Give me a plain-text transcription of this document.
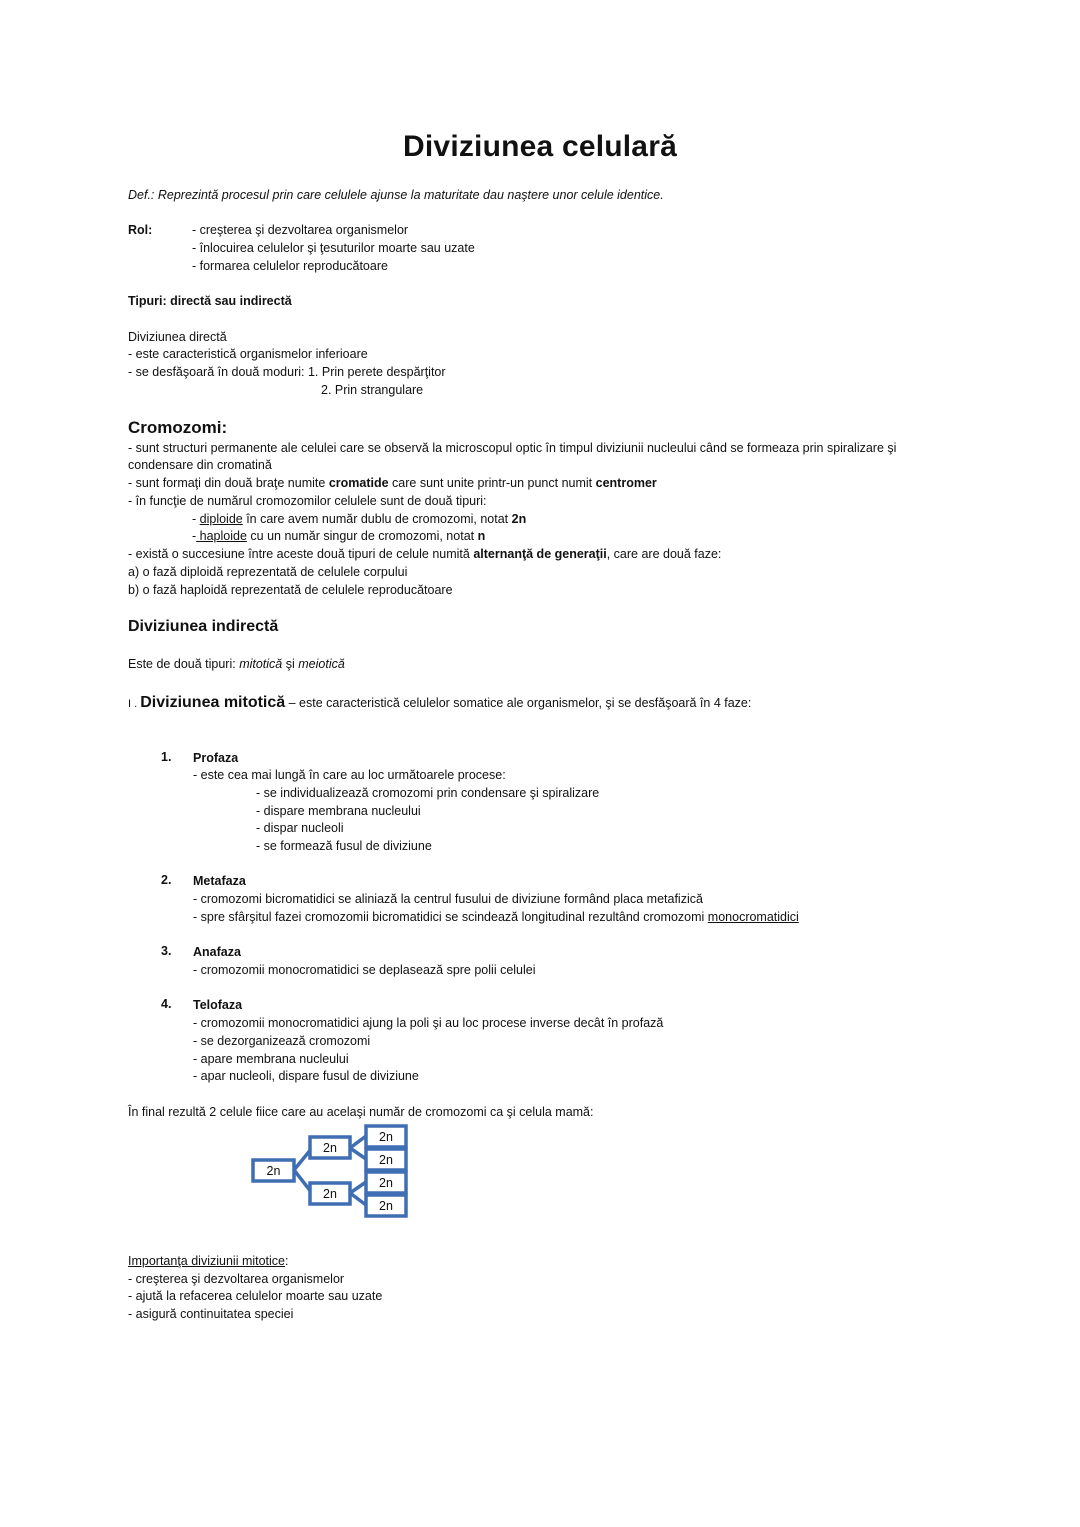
Diviziunea celulară
Def.: Reprezintă procesul prin care celulele ajunse la maturitate dau naştere unor celule identice.
Rol:	- creşterea şi dezvoltarea organismelor
- înlocuirea celulelor şi ţesuturilor moarte sau uzate
- formarea celulelor reproducătoare
Tipuri: directă sau indirectă
Diviziunea directă
- este caracteristică organismelor inferioare
- se desfăşoară în două moduri: 1. Prin perete despărţitor
2. Prin strangulare
Cromozomi:
- sunt structuri permanente ale celulei care se observă la microscopul optic în timpul diviziunii nucleului când se formeaza prin spiralizare şi
condensare din cromatină
- sunt formaţi din două braţe numite cromatide care sunt unite printr-un punct numit centromer
- în funcţie de numărul cromozomilor celulele sunt de două tipuri:
- diploide în care avem număr dublu de cromozomi, notat 2n
- haploide cu un număr singur de cromozomi, notat n
- există o succesiune între aceste două tipuri de celule numită alternanţă de generaţii, care are două faze:
a) o fază diploidă reprezentată de celulele corpului
b) o fază haploidă reprezentată de celulele reproducătoare
Diviziunea indirectă
Este de două tipuri: mitotică şi meiotică
I . Diviziunea mitotică – este caracteristică celulelor somatice ale organismelor, şi se desfăşoară în 4 faze:
1. Profaza
- este cea mai lungă în care au loc următoarele procese:
- se individualizează cromozomi prin condensare şi spiralizare
- dispare membrana nucleului
- dispar nucleoli
- se formează fusul de diviziune
2. Metafaza
- cromozomi bicromatidici se aliniază la centrul fusului de diviziune formând placa metafizică
- spre sfârşitul fazei cromozomii bicromatidici se scindează longitudinal rezultând cromozomi monocromatidici
3. Anafaza
- cromozomii monocromatidici se deplasează spre polii celulei
4. Telofaza
- cromozomii monocromatidici ajung la poli şi au loc procese inverse decât în profază
- se dezorganizează cromozomi
- apare membrana nucleului
- apar nucleoli, dispare fusul de diviziune
În final rezultă 2 celule fiice care au acelaşi număr de cromozomi ca şi celula mamă:
2n
2n
2n
2n
2n
2n
2n
Importanţa diviziunii mitotice:
- creşterea şi dezvoltarea organismelor
- ajută la refacerea celulelor moarte sau uzate
- asigură continuitatea speciei
